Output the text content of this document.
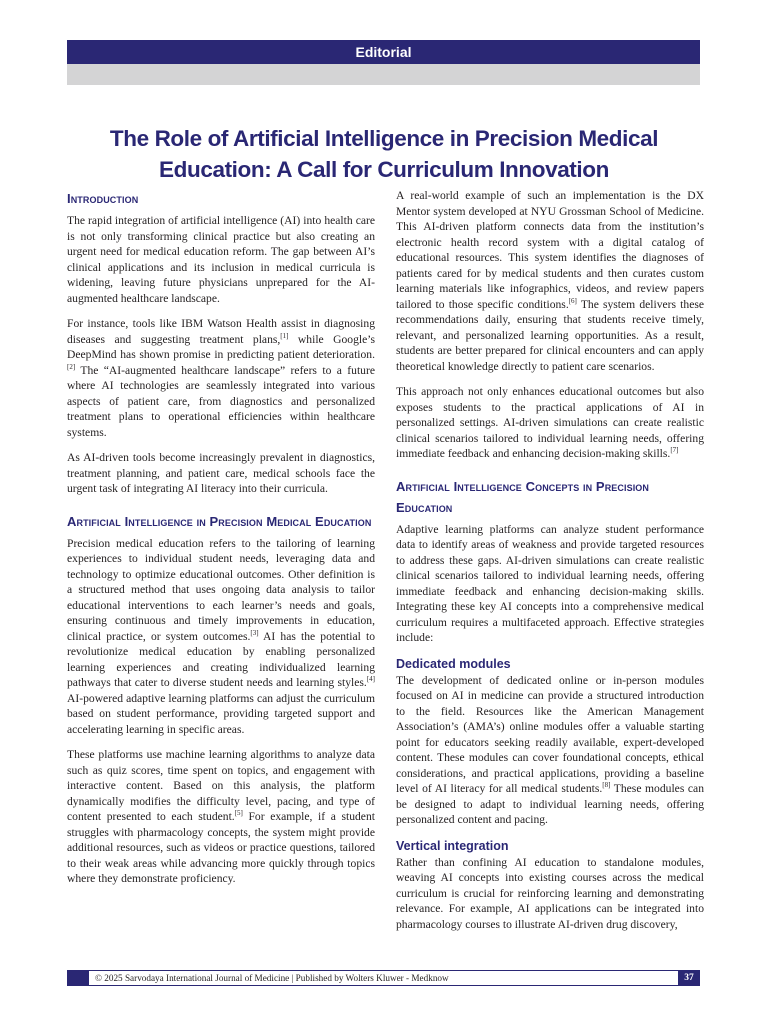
Editorial
The Role of Artificial Intelligence in Precision Medical Education: A Call for Curriculum Innovation
Introduction

The rapid integration of artificial intelligence (AI) into health care is not only transforming clinical practice but also creating an urgent need for medical education reform. The gap between AI’s clinical applications and its inclusion in medical curricula is widening, leaving future physicians unprepared for the AI-augmented healthcare landscape.

For instance, tools like IBM Watson Health assist in diagnosing diseases and suggesting treatment plans,[1] while Google’s DeepMind has shown promise in predicting patient deterioration.[2] The “AI-augmented healthcare landscape” refers to a future where AI technologies are seamlessly integrated into various aspects of patient care, from diagnostics and personalized treatment plans to operational efficiencies within healthcare systems.

As AI-driven tools become increasingly prevalent in diagnostics, treatment planning, and patient care, medical schools face the urgent task of integrating AI literacy into their curricula.

Artificial Intelligence in Precision Medical Education

Precision medical education refers to the tailoring of learning experiences to individual student needs, leveraging data and technology to optimize educational outcomes. Other definition is a structured method that uses ongoing data analysis to tailor educational interventions to each learner’s needs and goals, ensuring continuous and timely improvements in education, clinical practice, or system outcomes.[3] AI has the potential to revolutionize medical education by enabling personalized learning experiences and creating individualized learning pathways that cater to diverse student needs and learning styles.[4] AI-powered adaptive learning platforms can adjust the curriculum based on student performance, providing targeted support and accelerating learning in specific areas.

These platforms use machine learning algorithms to analyze data such as quiz scores, time spent on topics, and engagement with interactive content. Based on this analysis, the platform dynamically modifies the difficulty level, pacing, and type of content presented to each student.[5] For example, if a student struggles with pharmacology concepts, the system might provide additional resources, such as videos or practice questions, tailored to their weak areas while advancing more quickly through topics where they demonstrate proficiency.

A real-world example of such an implementation is the DX Mentor system developed at NYU Grossman School of Medicine. This AI-driven platform connects data from the institution’s electronic health record system with a digital catalog of educational resources. This system identifies the diagnoses of patients cared for by medical students and then curates custom learning materials like infographics, videos, and review papers tailored to those specific conditions.[6] The system delivers these recommendations daily, ensuring that students receive timely, relevant, and personalized learning opportunities. As a result, students are better prepared for clinical encounters and can apply theoretical knowledge directly to patient care scenarios.

This approach not only enhances educational outcomes but also exposes students to the practical applications of AI in personalized settings. AI-driven simulations can create realistic clinical scenarios tailored to individual learning needs, offering immediate feedback and enhancing decision-making skills.[7]

Artificial Intelligence Concepts in Precision Education

Adaptive learning platforms can analyze student performance data to identify areas of weakness and provide targeted resources to address these gaps. AI-driven simulations can create realistic clinical scenarios tailored to individual learning needs, offering immediate feedback and enhancing decision-making skills. Integrating these key AI concepts into a comprehensive medical curriculum requires a multifaceted approach. Effective strategies include:

Dedicated modules

The development of dedicated online or in-person modules focused on AI in medicine can provide a structured introduction to the field. Resources like the American Management Association’s (AMA’s) online modules offer a valuable starting point for educators seeking readily available, expert-developed content. These modules can cover foundational concepts, ethical considerations, and practical applications, providing a baseline level of AI literacy for all medical students.[8] These modules can be designed to adapt to individual learning needs, offering personalized content and pacing.

Vertical integration

Rather than confining AI education to standalone modules, weaving AI concepts into existing courses across the medical curriculum is crucial for reinforcing learning and demonstrating relevance. For example, AI applications can be integrated into pharmacology courses to illustrate AI-driven drug discovery,

© 2025 Sarvodaya International Journal of Medicine | Published by Wolters Kluwer - Medknow	37
